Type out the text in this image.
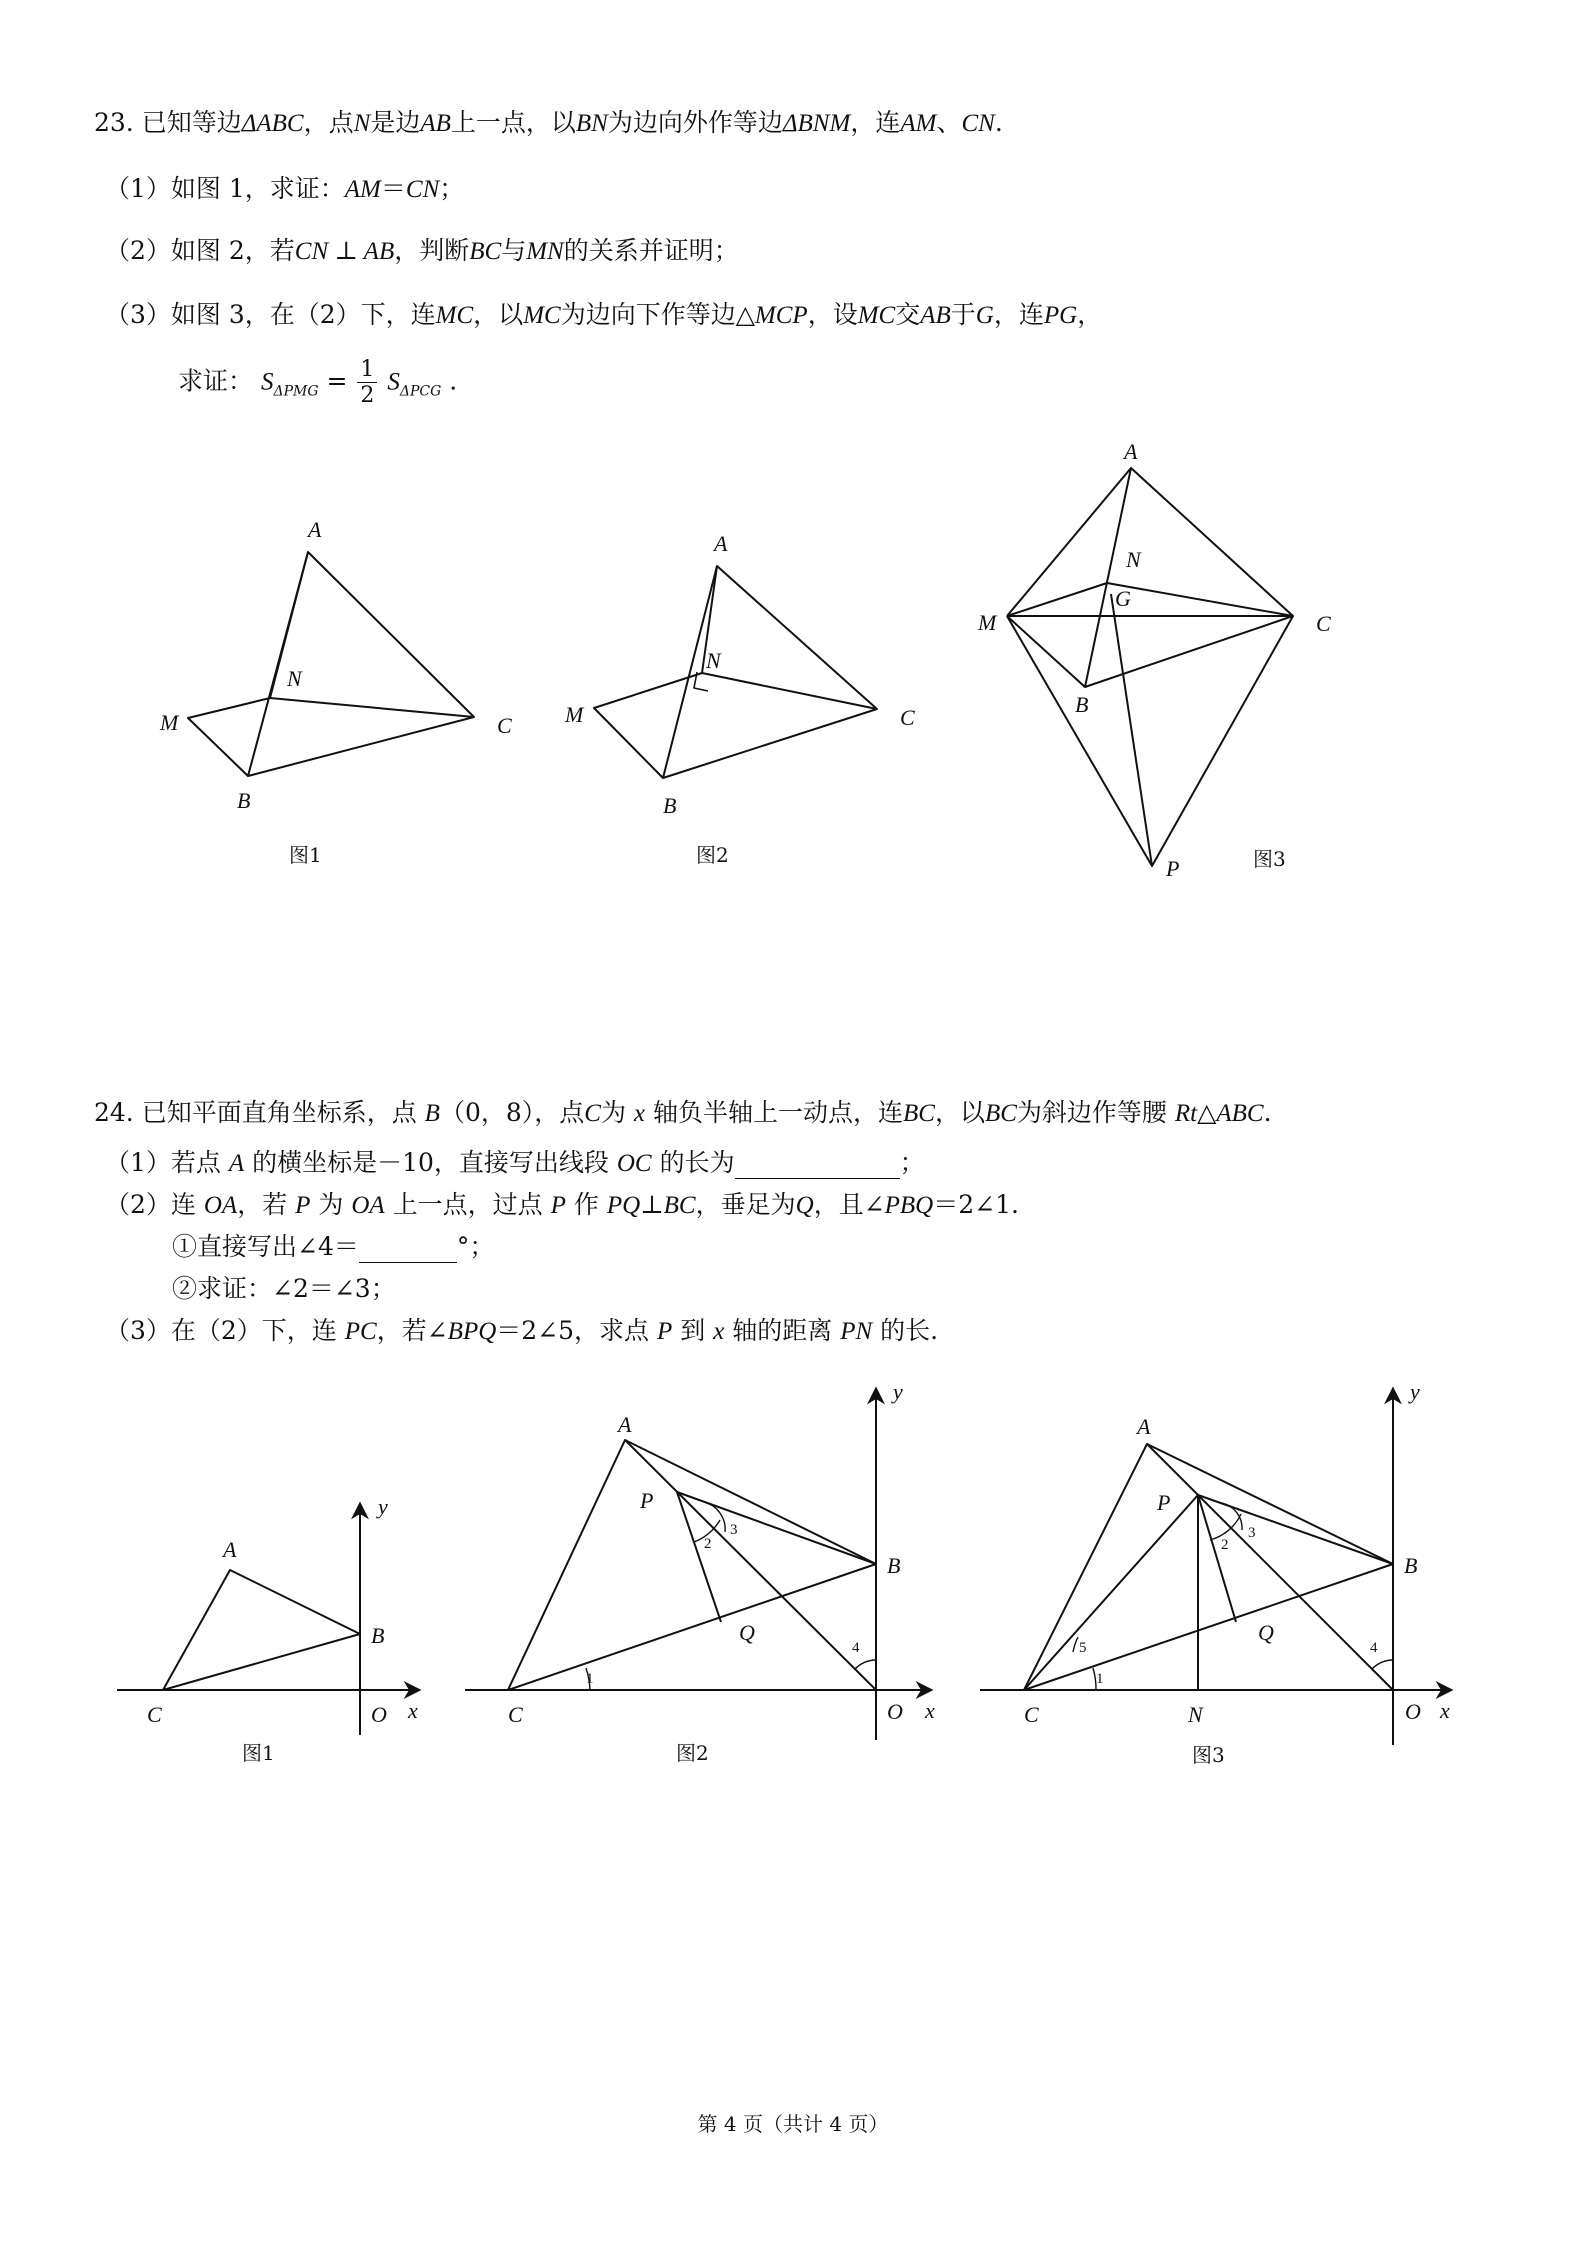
23. 已知等边ΔABC，点N是边AB上一点，以BN为边向外作等边ΔBNM，连AM、CN.
（1）如图 1，求证：AM＝CN；
（2）如图 2，若CN ⊥ AB，判断BC与MN的关系并证明；
（3）如图 3，在（2）下，连MC，以MC为边向下作等边△MCP，设MC交AB于G，连PG，
求证： $S_{\Delta PMG} = \frac{1}{2} S_{\Delta PCG}$ .
A
N
M	C
B
图1
A
N
M	C
B
图2
A
N
G
M	C
B
P	图3
24. 已知平面直角坐标系，点 B（0，8），点C为 x 轴负半轴上一动点，连BC，以BC为斜边作等腰 Rt△ABC.
（1）若点 A 的横坐标是－10，直接写出线段 OC 的长为	；
（2）连 OA，若 P 为 OA 上一点，过点 P 作 PQ⊥BC，垂足为Q，且∠PBQ＝2∠1.
①直接写出∠4＝	°；
②求证：∠2＝∠3；
（3）在（2）下，连 PC，若∠BPQ＝2∠5，求点 P 到 x 轴的距离 PN 的长.
A
B
C	O x
y
图1
A
P
B
Q
C	O x
y
1
2
3
4
图2
A
P
B
Q
C	N	O x
y
1
2
3
4
5
图3
第 4 页（共计 4 页）
